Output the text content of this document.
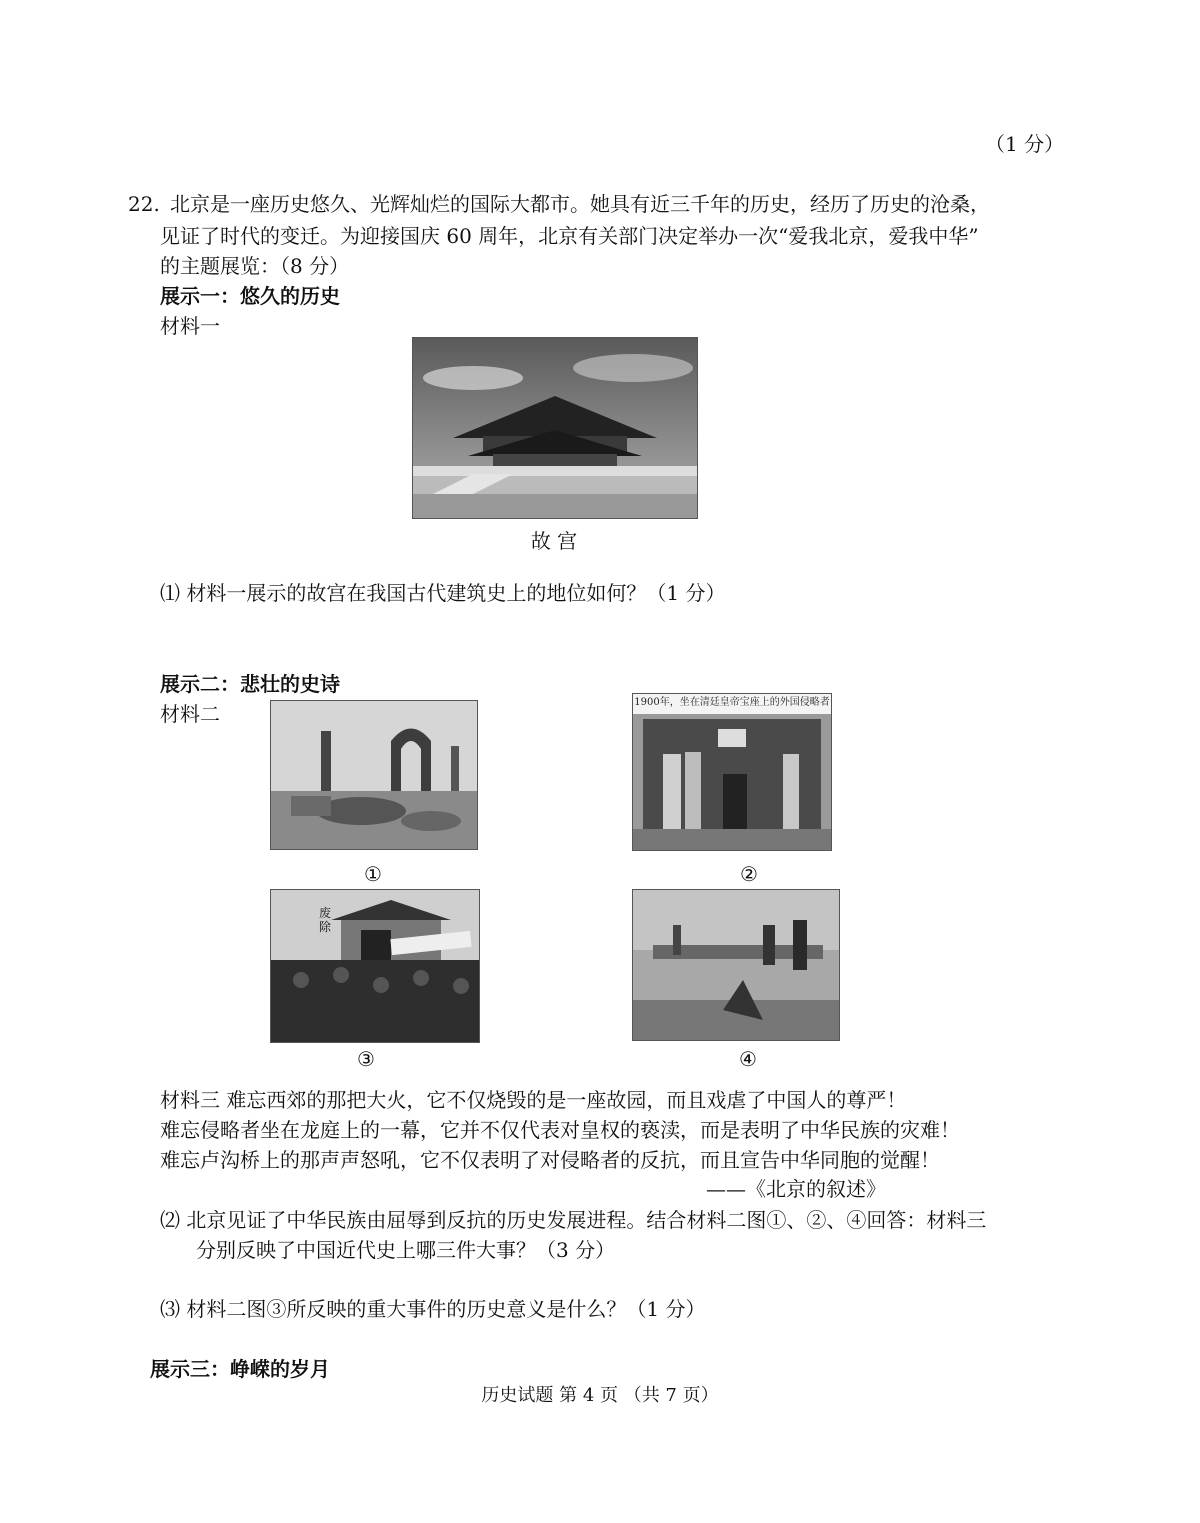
（1 分）
22. 北京是一座历史悠久、光辉灿烂的国际大都市。她具有近三千年的历史，经历了历史的沧桑，
见证了时代的变迁。为迎接国庆 60 周年，北京有关部门决定举办一次“爱我北京，爱我中华”
的主题展览：（8 分）
展示一：悠久的历史
材料一
故 宫
⑴ 材料一展示的故宫在我国古代建筑史上的地位如何？（1 分）
展示二：悲壮的史诗
材料二
①
1900年，坐在清廷皇帝宝座上的外国侵略者
②
废除
③	④
材料三 难忘西郊的那把大火，它不仅烧毁的是一座故园，而且戏虐了中国人的尊严！
难忘侵略者坐在龙庭上的一幕，它并不仅代表对皇权的亵渎，而是表明了中华民族的灾难！
难忘卢沟桥上的那声声怒吼，它不仅表明了对侵略者的反抗，而且宣告中华同胞的觉醒！
——《北京的叙述》
⑵ 北京见证了中华民族由屈辱到反抗的历史发展进程。结合材料二图①、②、④回答：材料三
分别反映了中国近代史上哪三件大事？（3 分）
⑶ 材料二图③所反映的重大事件的历史意义是什么？（1 分）
展示三：峥嵘的岁月
历史试题 第 4 页 （共 7 页）
